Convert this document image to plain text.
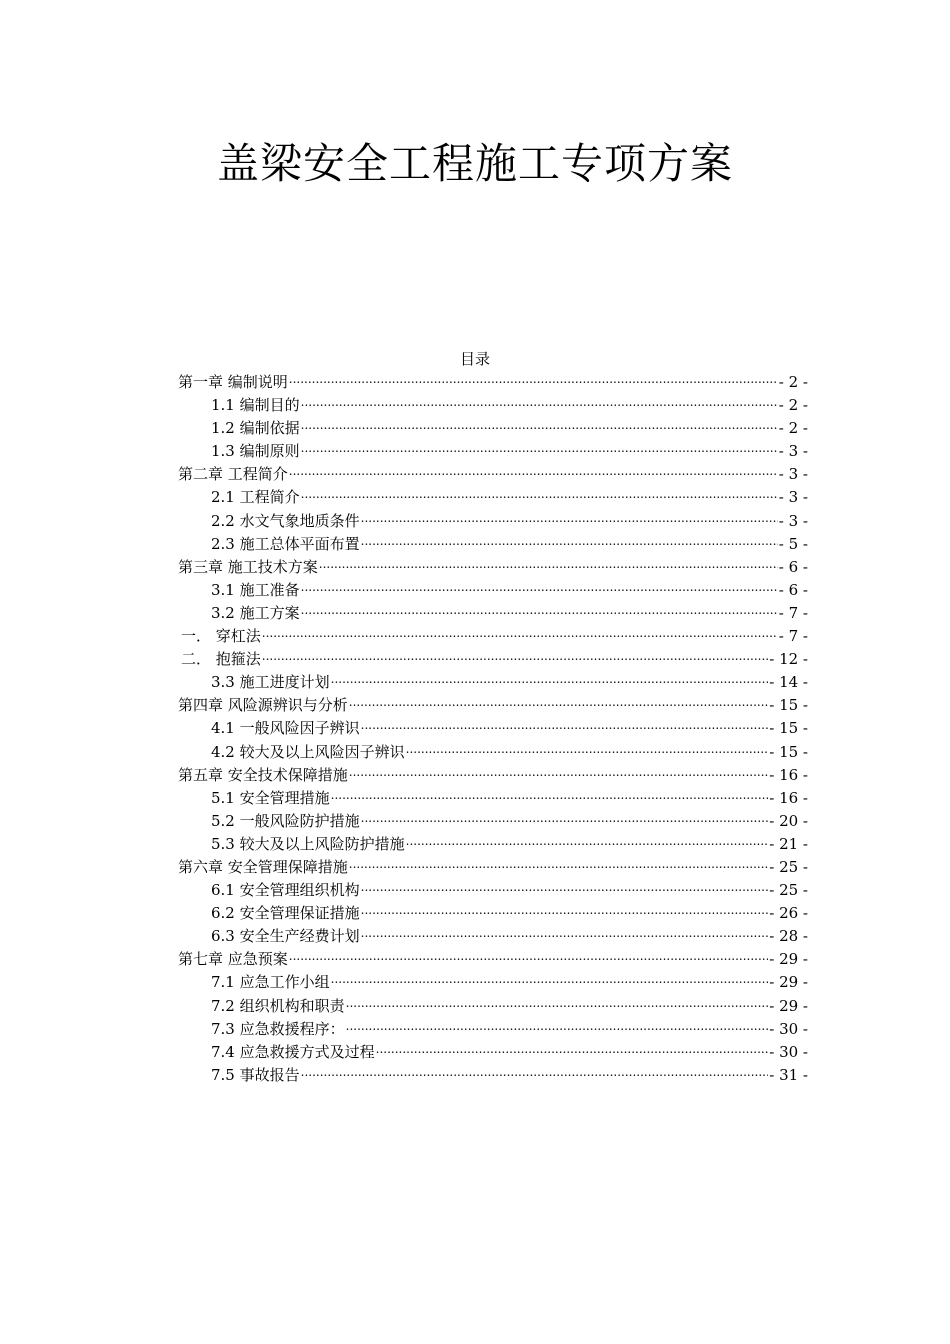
盖梁安全工程施工专项方案
目录
第一章 编制说明 .....	- 2 -
1.1 编制目的 .....	- 2 -
1.2 编制依据 .....	- 2 -
1.3 编制原则 .....	- 3 -
第二章 工程简介 .....	- 3 -
2.1 工程简介 .....	- 3 -
2.2 水文气象地质条件 .....	- 3 -
2.3 施工总体平面布置 .....	- 5 -
第三章 施工技术方案 .....	- 6 -
3.1 施工准备 .....	- 6 -
3.2 施工方案 .....	- 7 -
一． 穿杠法 .....	- 7 -
二． 抱箍法 .....	- 12 -
3.3 施工进度计划 .....	- 14 -
第四章 风险源辨识与分析 .....	- 15 -
4.1 一般风险因子辨识 .....	- 15 -
4.2 较大及以上风险因子辨识 .....	- 15 -
第五章 安全技术保障措施 .....	- 16 -
5.1 安全管理措施 .....	- 16 -
5.2 一般风险防护措施 .....	- 20 -
5.3 较大及以上风险防护措施 .....	- 21 -
第六章 安全管理保障措施 .....	- 25 -
6.1 安全管理组织机构 .....	- 25 -
6.2 安全管理保证措施 .....	- 26 -
6.3 安全生产经费计划 .....	- 28 -
第七章 应急预案 .....	- 29 -
7.1 应急工作小组 .....	- 29 -
7.2 组织机构和职责 .....	- 29 -
7.3 应急救援程序： .....	- 30 -
7.4 应急救援方式及过程 .....	- 30 -
7.5 事故报告 .....	- 31 -
